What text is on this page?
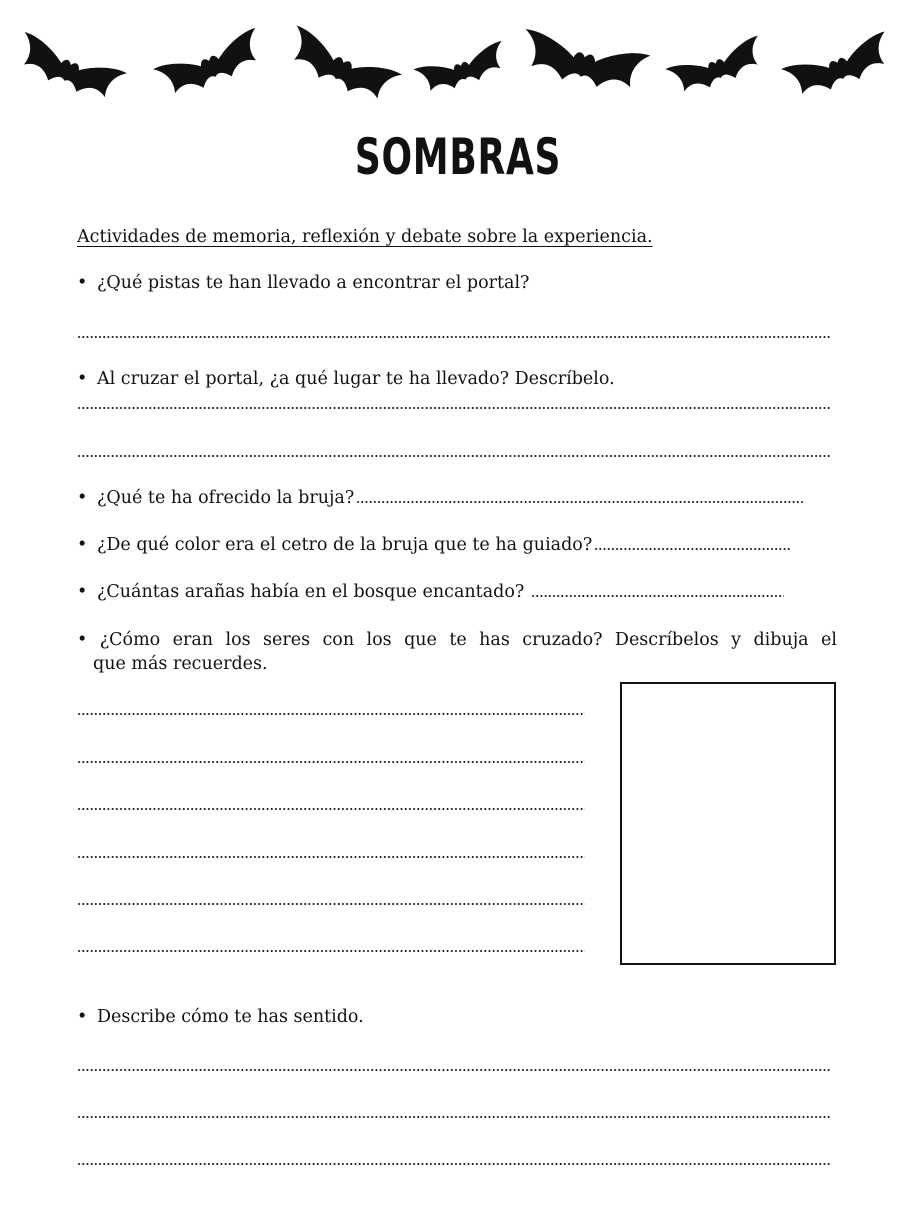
SOMBRAS
Actividades de memoria, reflexión y debate sobre la experiencia.
• ¿Qué pistas te han llevado a encontrar el portal?
• Al cruzar el portal, ¿a qué lugar te ha llevado? Descríbelo.
• ¿Qué te ha ofrecido la bruja?
• ¿De qué color era el cetro de la bruja que te ha guiado?
• ¿Cuántas arañas había en el bosque encantado?
• ¿Cómo eran los seres con los que te has cruzado? Descríbelos y dibuja el
que más recuerdes.
• Describe cómo te has sentido.
